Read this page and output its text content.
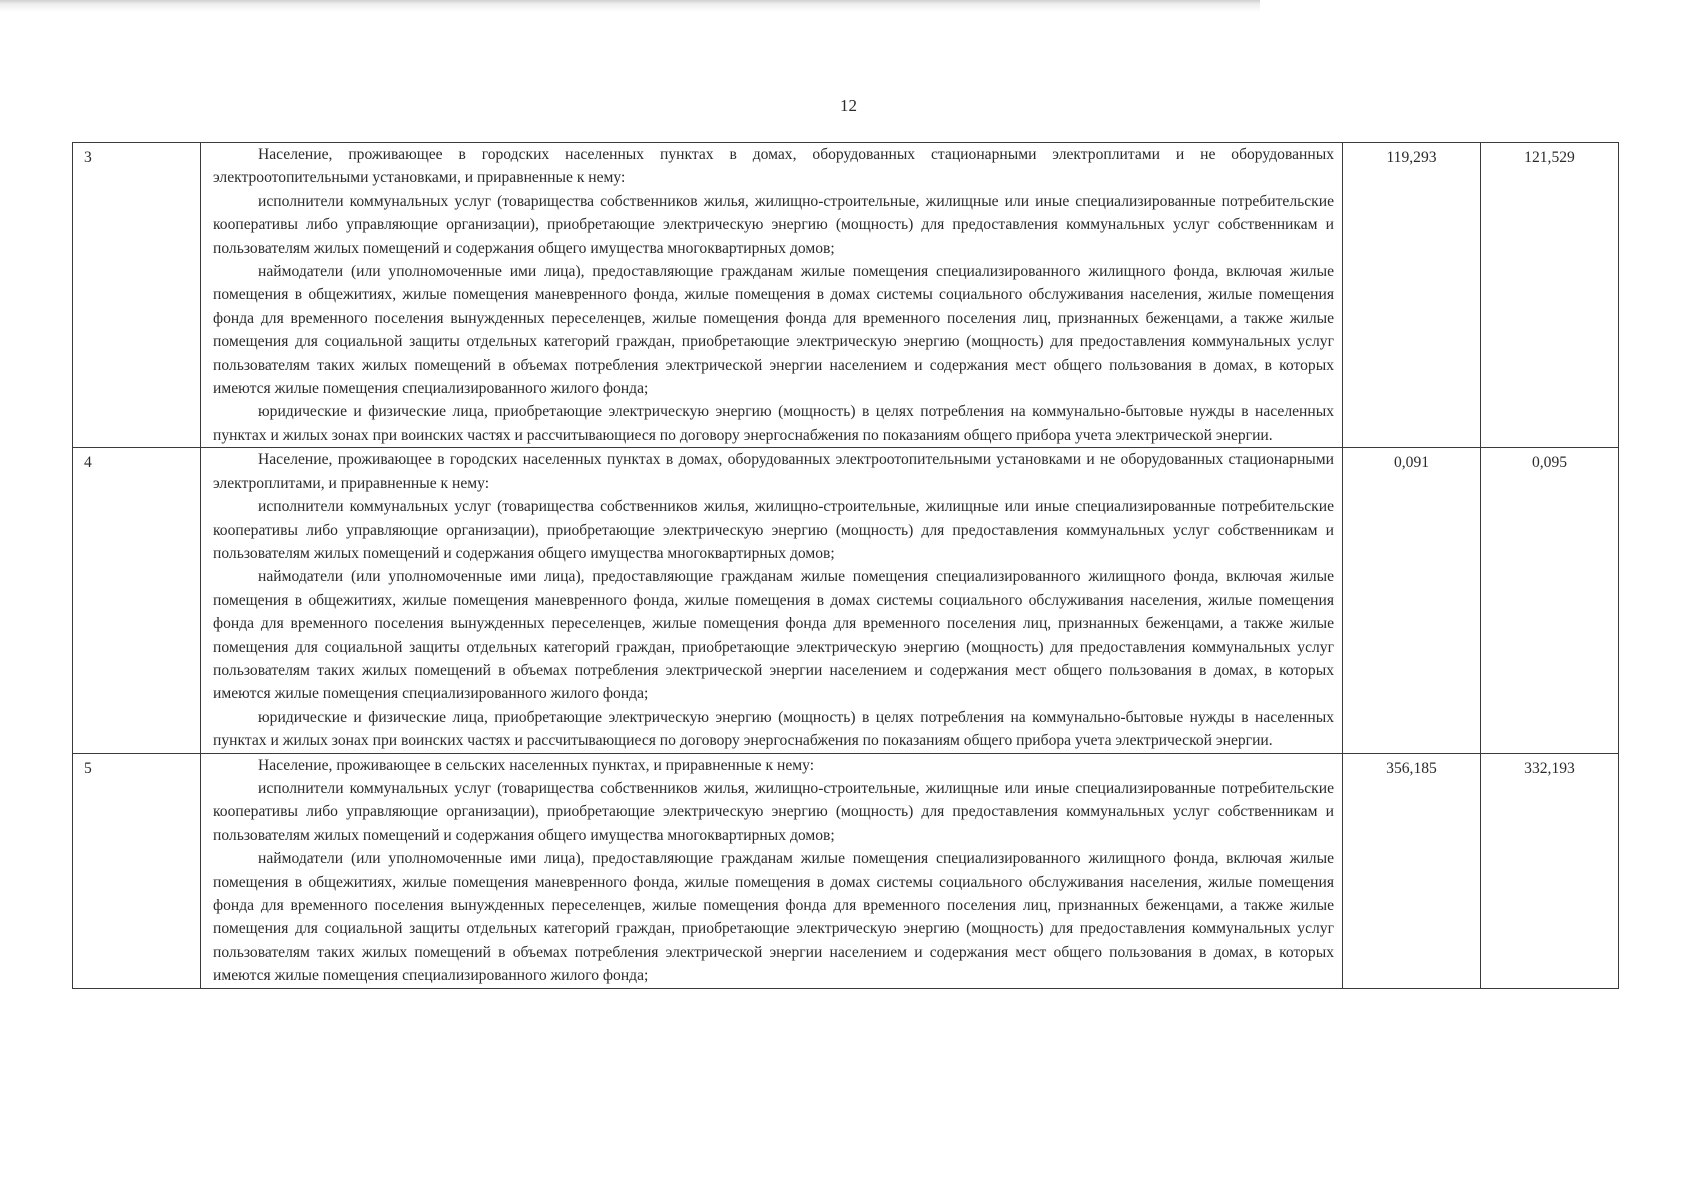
12
3	Население, проживающее в городских населенных пунктах в домах, оборудованных стационарными электроплитами и не оборудованных электроотопительными установками, и приравненные к нему:

исполнители коммунальных услуг (товарищества собственников жилья, жилищно-строительные, жилищные или иные специализированные потребительские кооперативы либо управляющие организации), приобретающие электрическую энергию (мощность) для предоставления коммунальных услуг собственникам и пользователям жилых помещений и содержания общего имущества многоквартирных домов;

наймодатели (или уполномоченные ими лица), предоставляющие гражданам жилые помещения специализированного жилищного фонда, включая жилые помещения в общежитиях, жилые помещения маневренного фонда, жилые помещения в домах системы социального обслуживания населения, жилые помещения фонда для временного поселения вынужденных переселенцев, жилые помещения фонда для временного поселения лиц, признанных беженцами, а также жилые помещения для социальной защиты отдельных категорий граждан, приобретающие электрическую энергию (мощность) для предоставления коммунальных услуг пользователям таких жилых помещений в объемах потребления электрической энергии населением и содержания мест общего пользования в домах, в которых имеются жилые помещения специализированного жилого фонда;

юридические и физические лица, приобретающие электрическую энергию (мощность) в целях потребления на коммунально-бытовые нужды в населенных пунктах и жилых зонах при воинских частях и рассчитывающиеся по договору энергоснабжения по показаниям общего прибора учета электрической энергии.	119,293	121,529
4	Население, проживающее в городских населенных пунктах в домах, оборудованных электроотопительными установками и не оборудованных стационарными электроплитами, и приравненные к нему:

исполнители коммунальных услуг (товарищества собственников жилья, жилищно-строительные, жилищные или иные специализированные потребительские кооперативы либо управляющие организации), приобретающие электрическую энергию (мощность) для предоставления коммунальных услуг собственникам и пользователям жилых помещений и содержания общего имущества многоквартирных домов;

наймодатели (или уполномоченные ими лица), предоставляющие гражданам жилые помещения специализированного жилищного фонда, включая жилые помещения в общежитиях, жилые помещения маневренного фонда, жилые помещения в домах системы социального обслуживания населения, жилые помещения фонда для временного поселения вынужденных переселенцев, жилые помещения фонда для временного поселения лиц, признанных беженцами, а также жилые помещения для социальной защиты отдельных категорий граждан, приобретающие электрическую энергию (мощность) для предоставления коммунальных услуг пользователям таких жилых помещений в объемах потребления электрической энергии населением и содержания мест общего пользования в домах, в которых имеются жилые помещения специализированного жилого фонда;

юридические и физические лица, приобретающие электрическую энергию (мощность) в целях потребления на коммунально-бытовые нужды в населенных пунктах и жилых зонах при воинских частях и рассчитывающиеся по договору энергоснабжения по показаниям общего прибора учета электрической энергии.	0,091	0,095
5	Население, проживающее в сельских населенных пунктах, и приравненные к нему:

исполнители коммунальных услуг (товарищества собственников жилья, жилищно-строительные, жилищные или иные специализированные потребительские кооперативы либо управляющие организации), приобретающие электрическую энергию (мощность) для предоставления коммунальных услуг собственникам и пользователям жилых помещений и содержания общего имущества многоквартирных домов;

наймодатели (или уполномоченные ими лица), предоставляющие гражданам жилые помещения специализированного жилищного фонда, включая жилые помещения в общежитиях, жилые помещения маневренного фонда, жилые помещения в домах системы социального обслуживания населения, жилые помещения фонда для временного поселения вынужденных переселенцев, жилые помещения фонда для временного поселения лиц, признанных беженцами, а также жилые помещения для социальной защиты отдельных категорий граждан, приобретающие электрическую энергию (мощность) для предоставления коммунальных услуг пользователям таких жилых помещений в объемах потребления электрической энергии населением и содержания мест общего пользования в домах, в которых имеются жилые помещения специализированного жилого фонда;	356,185	332,193
